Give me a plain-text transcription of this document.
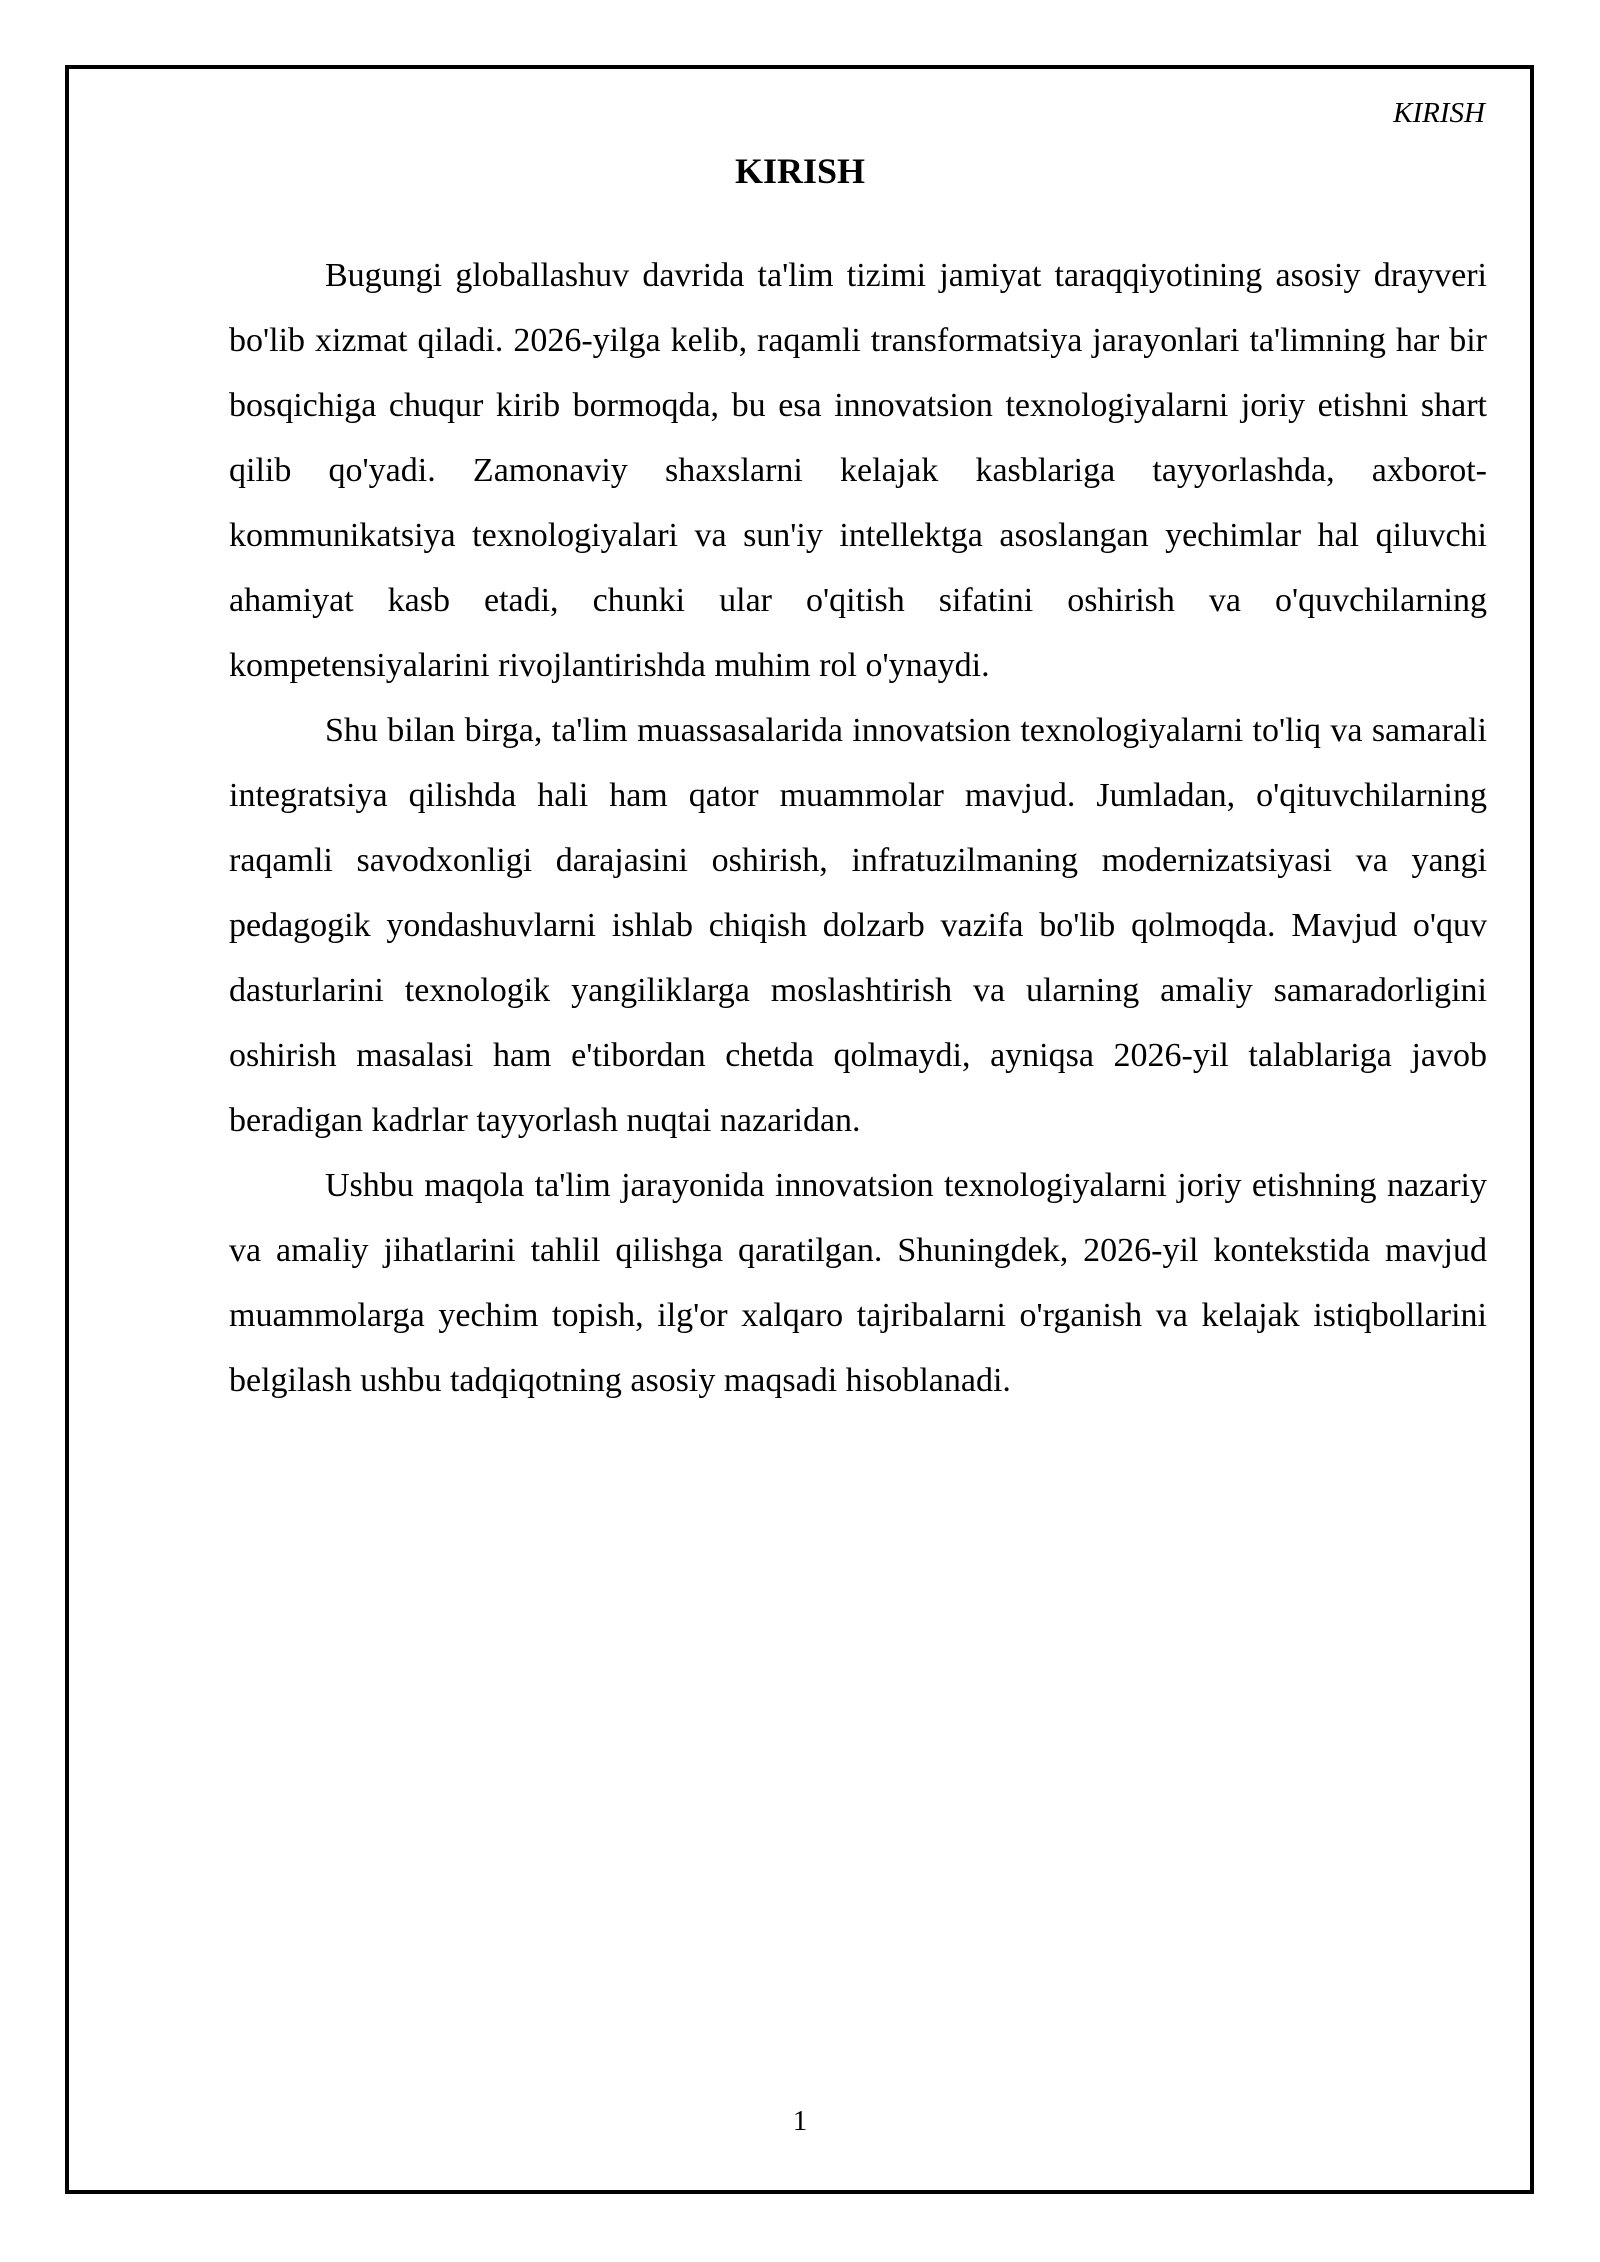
KIRISH
KIRISH

Bugungi globallashuv davrida ta'lim tizimi jamiyat taraqqiyotining asosiy drayveri bo'lib xizmat qiladi. 2026-yilga kelib, raqamli transformatsiya jarayonlari ta'limning har bir bosqichiga chuqur kirib bormoqda, bu esa innovatsion texnologiyalarni joriy etishni shart qilib qo'yadi. Zamonaviy shaxslarni kelajak kasblariga tayyorlashda, axborot-kommunikatsiya texnologiyalari va sun'iy intellektga asoslangan yechimlar hal qiluvchi ahamiyat kasb etadi, chunki ular o'qitish sifatini oshirish va o'quvchilarning kompetensiyalarini rivojlantirishda muhim rol o'ynaydi.

Shu bilan birga, ta'lim muassasalarida innovatsion texnologiyalarni to'liq va samarali integratsiya qilishda hali ham qator muammolar mavjud. Jumladan, o'qituvchilarning raqamli savodxonligi darajasini oshirish, infratuzilmaning modernizatsiyasi va yangi pedagogik yondashuvlarni ishlab chiqish dolzarb vazifa bo'lib qolmoqda. Mavjud o'quv dasturlarini texnologik yangiliklarga moslashtirish va ularning amaliy samaradorligini oshirish masalasi ham e'tibordan chetda qolmaydi, ayniqsa 2026-yil talablariga javob beradigan kadrlar tayyorlash nuqtai nazaridan.

Ushbu maqola ta'lim jarayonida innovatsion texnologiyalarni joriy etishning nazariy va amaliy jihatlarini tahlil qilishga qaratilgan. Shuningdek, 2026-yil kontekstida mavjud muammolarga yechim topish, ilg'or xalqaro tajribalarni o'rganish va kelajak istiqbollarini belgilash ushbu tadqiqotning asosiy maqsadi hisoblanadi.

1
